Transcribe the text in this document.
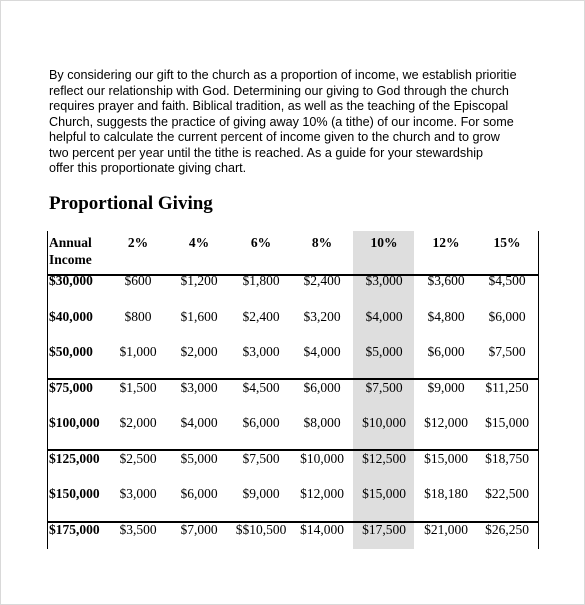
By considering our gift to the church as a proportion of income, we establish prioritie
reflect our relationship with God. Determining our giving to God through the church
requires prayer and faith. Biblical tradition, as well as the teaching of the Episcopal
Church, suggests the practice of giving away 10% (a tithe) of our income. For some
helpful to calculate the current percent of income given to the church and to grow
two percent per year until the tithe is reached. As a guide for your stewardship
offer this proportionate giving chart.
Proportional Giving
Annual
Income
2%	4%	6%	8%	10%	12%	15%
$30,000	$600	$1,200	$1,800	$2,400	$3,000	$3,600	$4,500
$40,000	$800	$1,600	$2,400	$3,200	$4,000	$4,800	$6,000
$50,000	$1,000	$2,000	$3,000	$4,000	$5,000	$6,000	$7,500
$75,000	$1,500	$3,000	$4,500	$6,000	$7,500	$9,000	$11,250
$100,000	$2,000	$4,000	$6,000	$8,000	$10,000	$12,000	$15,000
$125,000	$2,500	$5,000	$7,500	$10,000	$12,500	$15,000	$18,750
$150,000	$3,000	$6,000	$9,000	$12,000	$15,000	$18,180	$22,500
$175,000	$3,500	$7,000	$$10,500	$14,000	$17,500	$21,000	$26,250
